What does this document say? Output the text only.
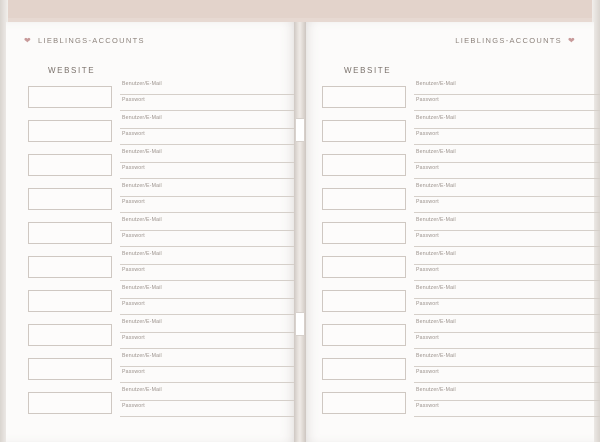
❤ LIEBLINGS-ACCOUNTS
WEBSITE
Benutzer/E-Mail
Passwort
Benutzer/E-Mail
Passwort
Benutzer/E-Mail
Passwort
Benutzer/E-Mail
Passwort
Benutzer/E-Mail
Passwort
Benutzer/E-Mail
Passwort
Benutzer/E-Mail
Passwort
Benutzer/E-Mail
Passwort
Benutzer/E-Mail
Passwort
Benutzer/E-Mail
Passwort
LIEBLINGS-ACCOUNTS ❤
WEBSITE
Benutzer/E-Mail
Passwort
Benutzer/E-Mail
Passwort
Benutzer/E-Mail
Passwort
Benutzer/E-Mail
Passwort
Benutzer/E-Mail
Passwort
Benutzer/E-Mail
Passwort
Benutzer/E-Mail
Passwort
Benutzer/E-Mail
Passwort
Benutzer/E-Mail
Passwort
Benutzer/E-Mail
Passwort
